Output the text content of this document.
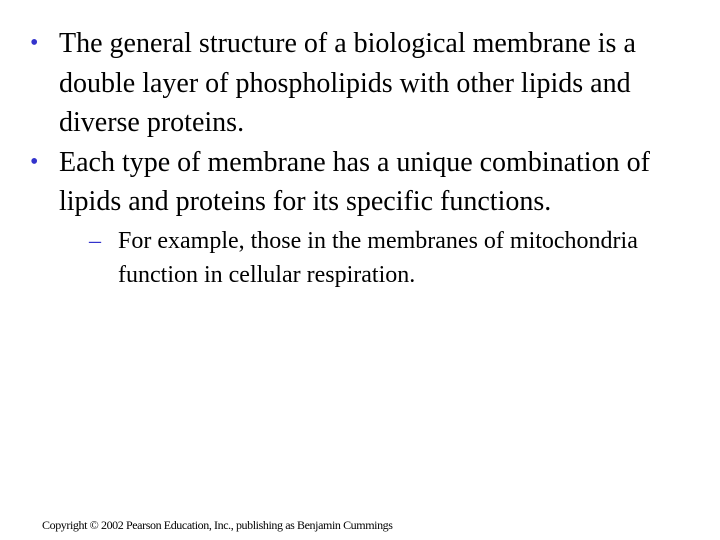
• The general structure of a biological membrane is a double layer of phospholipids with other lipids and diverse proteins.
• Each type of membrane has a unique combination of lipids and proteins for its specific functions.
– For example, those in the membranes of mitochondria function in cellular respiration.
Copyright © 2002 Pearson Education, Inc., publishing as Benjamin Cummings
